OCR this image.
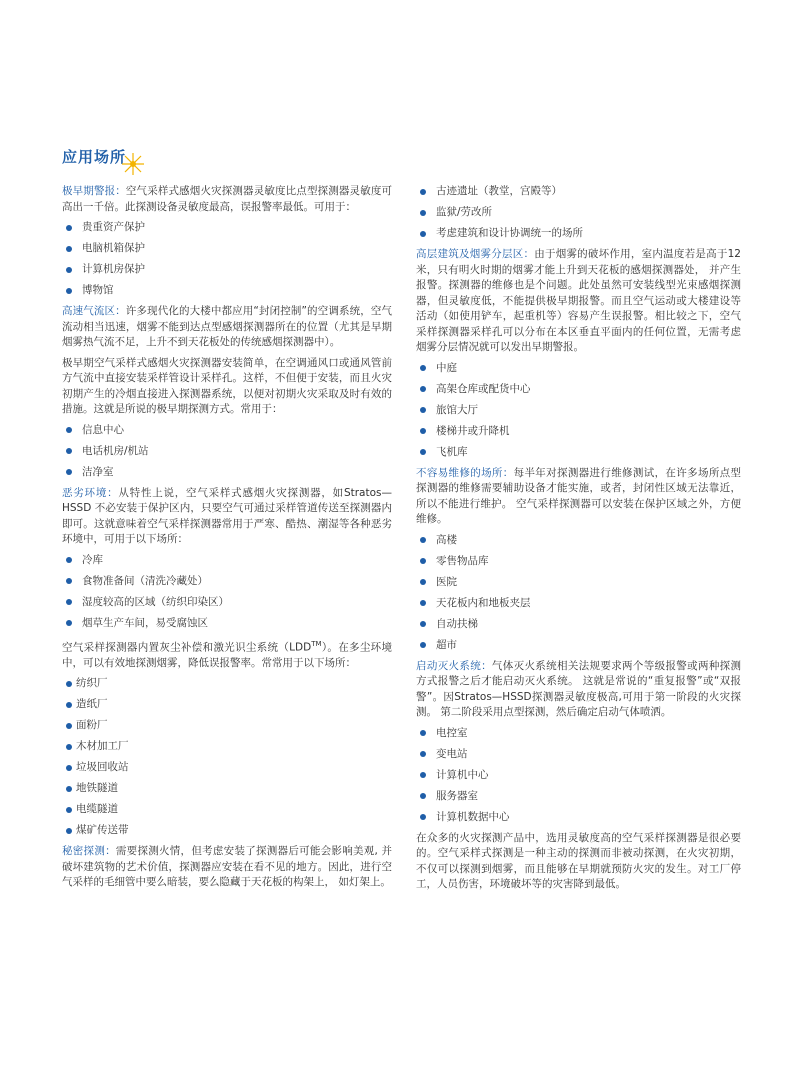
应用场所

极早期警报：空气采样式感烟火灾探测器灵敏度比点型探测器灵敏度可高出一千倍。此探测设备灵敏度最高，误报警率最低。可用于：

贵重资产保护
电脑机箱保护
计算机房保护
博物馆

高速气流区：许多现代化的大楼中都应用“封闭控制”的空调系统，空气流动相当迅速，烟雾不能到达点型感烟探测器所在的位置（尤其是早期烟雾热气流不足，上升不到天花板处的传统感烟探测器中）。

极早期空气采样式感烟火灾探测器安装简单，在空调通风口或通风管前方气流中直接安装采样管设计采样孔。这样，不但便于安装，而且火灾初期产生的冷烟直接进入探测器系统，以便对初期火灾采取及时有效的措施。这就是所说的极早期探测方式。常用于：

信息中心
电话机房/机站
洁净室

恶劣环境：从特性上说，空气采样式感烟火灾探测器，如Stratos—HSSD 不必安装于保护区内，只要空气可通过采样管道传送至探测器内即可。这就意味着空气采样探测器常用于严寒、酷热、潮湿等各种恶劣环境中，可用于以下场所：

冷库
食物准备间（清洗冷藏处）
湿度较高的区域（纺织印染区）
烟草生产车间，易受腐蚀区

空气采样探测器内置灰尘补偿和激光识尘系统（LDD™）。在多尘环境中，可以有效地探测烟雾，降低误报警率。常常用于以下场所：

纺织厂
造纸厂
面粉厂
木材加工厂
垃圾回收站
地铁隧道
电缆隧道
煤矿传送带

秘密探测：需要探测火情，但考虑安装了探测器后可能会影响美观, 并破坏建筑物的艺术价值，探测器应安装在看不见的地方。因此，进行空气采样的毛细管中要么暗装，要么隐藏于天花板的构架上， 如灯架上。

古迹遗址（教堂，宫殿等）
监狱/劳改所
考虑建筑和设计协调统一的场所

高层建筑及烟雾分层区：由于烟雾的破坏作用，室内温度若是高于12米，只有明火时期的烟雾才能上升到天花板的感烟探测器处， 并产生报警。探测器的维修也是个问题。此处虽然可安装线型光束感烟探测器，但灵敏度低，不能提供极早期报警。而且空气运动或大楼建设等活动（如使用铲车，起重机等）容易产生误报警。相比较之下，空气采样探测器采样孔可以分布在本区垂直平面内的任何位置，无需考虑烟雾分层情况就可以发出早期警报。

中庭
高架仓库或配货中心
旅馆大厅
楼梯井或升降机
飞机库

不容易维修的场所：每半年对探测器进行维修测试，在许多场所点型探测器的维修需要辅助设备才能实施，或者，封闭性区域无法靠近，所以不能进行维护。 空气采样探测器可以安装在保护区域之外，方便维修。

高楼
零售物品库
医院
天花板内和地板夹层
自动扶梯
超市

启动灭火系统：气体灭火系统相关法规要求两个等级报警或两种探测方式报警之后才能启动灭火系统。 这就是常说的“重复报警”或“双报警”。因Stratos—HSSD探测器灵敏度极高,可用于第一阶段的火灾探测。 第二阶段采用点型探测，然后确定启动气体喷洒。

电控室
变电站
计算机中心
服务器室
计算机数据中心

在众多的火灾探测产品中，选用灵敏度高的空气采样探测器是很必要的。空气采样式探测是一种主动的探测而非被动探测，在火灾初期， 不仅可以探测到烟雾，而且能够在早期就预防火灾的发生。对工厂停工，人员伤害，环境破坏等的灾害降到最低。
